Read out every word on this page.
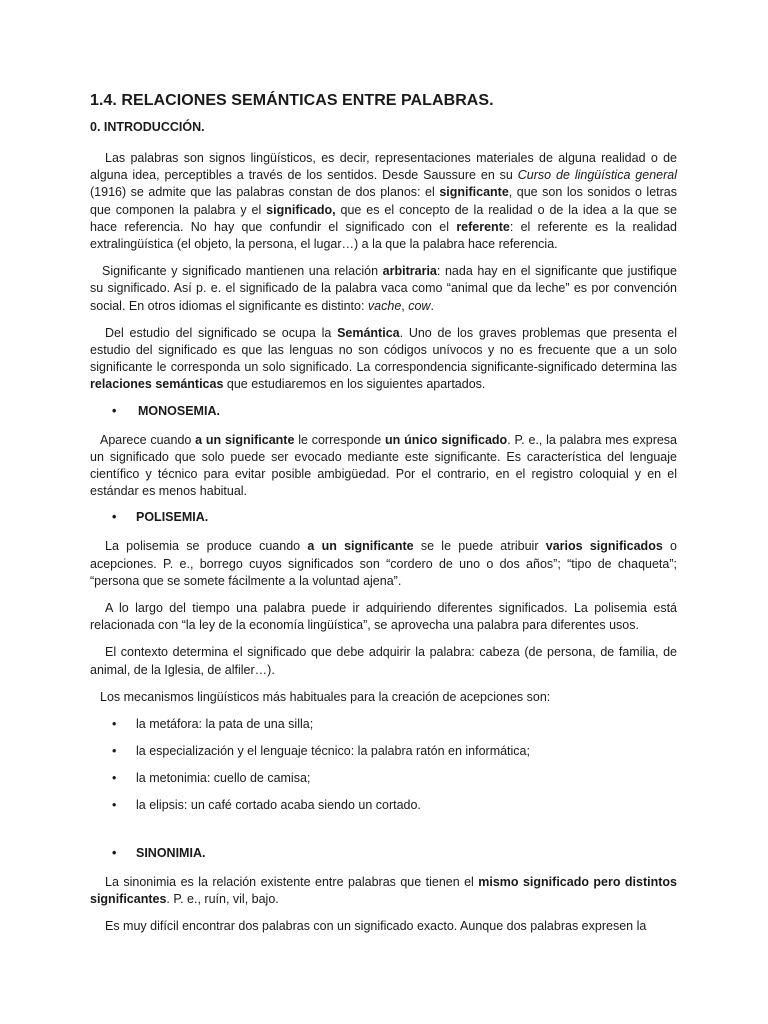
1.4. RELACIONES SEMÁNTICAS ENTRE PALABRAS.
0. INTRODUCCIÓN.

Las palabras son signos lingüísticos, es decir, representaciones materiales de alguna realidad o de alguna idea, perceptibles a través de los sentidos. Desde Saussure en su Curso de lingüística general (1916) se admite que las palabras constan de dos planos: el significante, que son los sonidos o letras que componen la palabra y el significado, que es el concepto de la realidad o de la idea a la que se hace referencia. No hay que confundir el significado con el referente: el referente es la realidad extralingüística (el objeto, la persona, el lugar…) a la que la palabra hace referencia.

Significante y significado mantienen una relación arbitraria: nada hay en el significante que justifique su significado. Así p. e. el significado de la palabra vaca como “animal que da leche” es por convención social. En otros idiomas el significante es distinto: vache, cow.

Del estudio del significado se ocupa la Semántica. Uno de los graves problemas que presenta el estudio del significado es que las lenguas no son códigos unívocos y no es frecuente que a un solo significante le corresponda un solo significado. La correspondencia significante-significado determina las relaciones semánticas que estudiaremos en los siguientes apartados.

•	MONOSEMIA.

Aparece cuando a un significante le corresponde un único significado. P. e., la palabra mes expresa un significado que solo puede ser evocado mediante este significante. Es característica del lenguaje científico y técnico para evitar posible ambigüedad. Por el contrario, en el registro coloquial y en el estándar es menos habitual.

•	POLISEMIA.

La polisemia se produce cuando a un significante se le puede atribuir varios significados o acepciones. P. e., borrego cuyos significados son “cordero de uno o dos años”; “tipo de chaqueta”; “persona que se somete fácilmente a la voluntad ajena”.

A lo largo del tiempo una palabra puede ir adquiriendo diferentes significados. La polisemia está relacionada con “la ley de la economía lingüística”, se aprovecha una palabra para diferentes usos.

El contexto determina el significado que debe adquirir la palabra: cabeza (de persona, de familia, de animal, de la Iglesia, de alfiler…).

Los mecanismos lingüísticos más habituales para la creación de acepciones son:

•	la metáfora: la pata de una silla;
•	la especialización y el lenguaje técnico: la palabra ratón en informática;
•	la metonimia: cuello de camisa;
•	la elipsis: un café cortado acaba siendo un cortado.
•	SINONIMIA.

La sinonimia es la relación existente entre palabras que tienen el mismo significado pero distintos significantes. P. e., ruín, vil, bajo.

Es muy difícil encontrar dos palabras con un significado exacto. Aunque dos palabras expresen la
